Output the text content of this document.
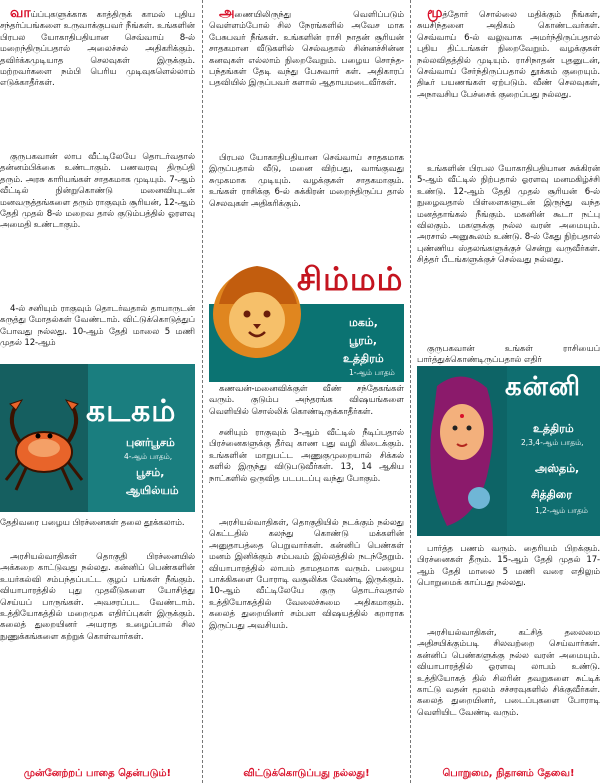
வாய்ப்புகளுக்காக காத்திருக் காமல் புதிய சந்தர்ப்பங்களை உருவாக்குபவர் நீங்கள். உங்களின் பிரபல யோகாதிபதியான செவ்வாய் 8-ல் மறைந்திருப்பதால் அலைச்சல் அதிகரிக்கும். தவிர்க்கமுடியாத செலவுகள் இருக்கும். மற்றவர்களை நம்பி பெரிய முடிவுகளெல்லாம் எடுக்காதீர்கள்.

குருபகவான் லாப வீட்டிலேயே தொடர்வதால் தன்னம்பிக்கை உண்டாகும். பணவரவு திருப்தி தரும். அரசு காரியங்கள் சாதகமாக முடியும். 7-ஆம் வீட்டில் நின்றுகொண்டு மனைவியுடன் மனவருத்தங்களை தரும் ராகுவும் சூரியன், 12-ஆம் தேதி முதல் 8-ல் மறைவ தால் குடும்பத்தில் ஓரளவு அமைதி உண்டாகும்.

4-ல் சனியும் ராகுவும் தொடர்வதால் தாயாருடன் கருத்து மோதல்கள் வேண்டாம். விட்டுக்கொடுத்துப் போவது நல்லது. 10-ஆம் தேதி மாலை 5 மணி முதல் 12-ஆம்

கடகம்
புனர்பூசம்
4-ஆம் பாதம்,
பூசம்,
ஆயில்யம்

தேதிவரை பழைய பிரச்னைகள் தலை தூக்கலாம்.

அரசியல்வாதிகள் தொகுதி பிரச்னையில் அக்கறை காட்டுவது நல்லது. கன்னிப் பெண்களின் உயர்கல்வி சம்பந்தப்பட்ட குழப் பங்கள் நீங்கும். வியாபாரத்தில் புது முதலீடுகளை யோசித்து செய்யப் பாருங்கள். அவசரப்பட வேண்டாம். உத்தியோகத்தில் மறைமுக எதிர்ப்புகள் இருக்கும். கலைத் துறையினர் அயராத உழைப்பால் சில நுணுக்கங்களை கற்றுக் கொள்வார்கள்.

முன்னேற்றப் பாதை தென்படும்!

அணையிலிருந்து வெளிப்படும் வெள்ளம்போல் சில நேரங்களில் அவேச மாக பேசுபவர் நீங்கள். உங்களின் ராசி நாதன் சூரியன் சாதகமான வீடுகளில் செல்வதால் சின்னச்சின்ன கனவுகள் எல்லாம் நிறைவேறும். பழைய சொந்த-பந்தங்கள் தேடி வந்து பேசுவார் கள். அதிகாரப் பதவியில் இருப்பவர் களால் ஆதாயமடைவீர்கள்.

பிரபல யோகாதிபதியான செவ்வாய் சாதகமாக இருப்பதால் வீடு, மனை விற்பது, வாங்குவது சுமுகமாக முடியும். வழக்குகள் சாதகமாகும். உங்கள் ராசிக்கு 6-ல் சுக்கிரன் மறைந்திருப்ப தால் செலவுகள் அதிகரிக்கும்.

சிம்மம்
மகம்,
பூரம்,
உத்திரம்
1-ஆம் பாதம்

கணவன்-மனைவிக்குள் வீண் சந்தேகங்கள் வரும். குடும்ப அந்தரங்க விஷயங்களை வெளியில் சொல்லிக் கொண்டிருக்காதீர்கள்.

சனியும் ராகுவும் 3-ஆம் வீட்டில் நீடிப்பதால் பிரச்னைகளுக்கு தீர்வு காண புது வழி கிடைக்கும். உங்களின் மாறுபட்ட அணுகுமுறையால் சிக்கல் களில் இருந்து விடுபடுவீர்கள். 13, 14 ஆகிய நாட்களில் ஒருவித படபடப்பு வந்து போகும்.

அரசியல்வாதிகள், தொகுதியில் நடக்கும் நல்லது கெட்டதில் கலந்து கொண்டு மக்களின் அனுதாபத்தை பெறுவார்கள். கன்னிப் பெண்கள் மனம் இனிக்கும் சம்பவம் இல்லத்தில் நடந்தேறும். வியாபாரத்தில் லாபம் தாமதமாக வரும். பழைய பாக்கிகளை போராடி வசூலிக்க வேண்டி இருக்கும். 10-ஆம் வீட்டிலேயே குரு தொடர்வதால் உத்தியோகத்தில் வேலைச்சுமை அதிகமாகும். கலைத் துறையினர் சம்பள விஷயத்தில் கறாராக இருப்பது அவசியம்.

விட்டுக்கொடுப்பது நல்லது!

மூத்தோர் சொல்லை மதிக்கும் நீங்கள், சுயசிந்தனை அதிகம் கொண்டவர்கள். செவ்வாய் 6-ல் வலுவாக அமர்ந்திருப்பதால் புதிய திட்டங்கள் நிறைவேறும். வழக்குகள் நல்லவிதத்தில் முடியும். ராசிநாதன் புதனுடன், செவ்வாய் சேர்ந்திருப்பதால் தூக்கம் குறையும். திடீர் பயணங்கள் ஏற்படும். வீண் செலவுகள், அநாவசிய பேச்சைக் குறைப்பது நல்லது.

உங்களின் பிரபல யோகாதிபதியான சுக்கிரன் 5-ஆம் வீட்டில் நிற்பதால் ஓரளவு மனமகிழ்ச்சி உண்டு. 12-ஆம் தேதி முதல் சூரியன் 6-ல் நுழைவதால் பிள்ளைகளுடன் இருந்து வந்த மனத்தாங்கல் நீங்கும். மகனின் கூடா நட்பு விலகும். மகளுக்கு நல்ல வரன் அமையும். அரசால் அனுகூலம் உண்டு. 8-ல் கேது நிற்பதால் புண்ணிய ஸ்தலங்களுக்குச் சென்று வருவீர்கள். சித்தர் பீடங்களுக்குச் செல்வது நல்லது.

குருபகவான் உங்கள் ராசியைப் பார்த்துக்கொண்டிருப்பதால் எதிர்

கன்னி
உத்திரம்
2,3,4-ஆம் பாதம்,
அஸ்தம்,
சித்திரை
1,2-ஆம் பாதம்

பார்த்த பணம் வரும். தைரியம் பிறக்கும். பிரச்னைகள் தீரும். 15-ஆம் தேதி முதல் 17-ஆம் தேதி மாலை 5 மணி வரை எதிலும் பொறுமைக் காப்பது நல்லது.

அரசியல்வாதிகள், கட்சித் தலைமை அதிசயிக்கும்படி சிலவற்றை செய்வார்கள். கன்னிப் பெண்களுக்கு நல்ல வரன் அமையும். வியாபாரத்தில் ஓரளவு லாபம் உண்டு. உத்தியோகத் தில் சிலரின் தவறுகளை சுட்டிக் காட்டு வதன் மூலம் சச்சரவுகளில் சிக்குவீர்கள். கலைத் துறையினர், படைப்புகளை போராடி வெளியிட வேண்டி வரும்.

பொறுமை, நிதானம் தேவை!
